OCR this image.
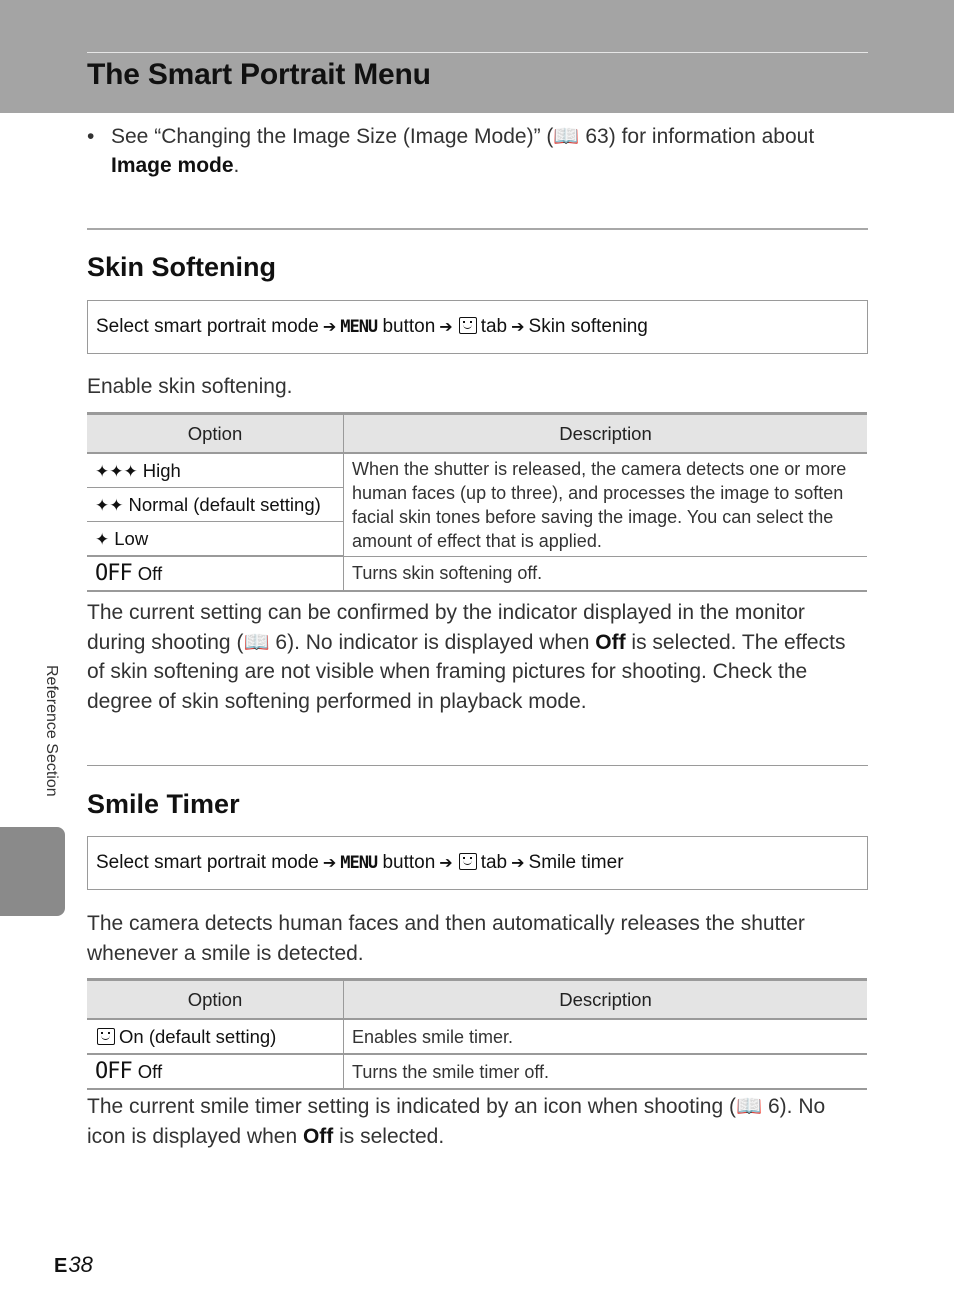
The Smart Portrait Menu
• See “Changing the Image Size (Image Mode)” (📖 63) for information about Image mode.
Skin Softening
Select smart portrait mode ➔ MENU button ➔ tab ➔ Skin softening
Enable skin softening.
Option	Description
✦✦✦ High	When the shutter is released, the camera detects one or more human faces (up to three), and processes the image to soften facial skin tones before saving the image. You can select the amount of effect that is applied.
✦✦ Normal (default setting)	
✦ Low	
OFF Off	Turns skin softening off.
The current setting can be confirmed by the indicator displayed in the monitor during shooting (📖 6). No indicator is displayed when Off is selected. The effects of skin softening are not visible when framing pictures for shooting. Check the degree of skin softening performed in playback mode.
Smile Timer
Select smart portrait mode ➔ MENU button ➔ tab ➔ Smile timer
The camera detects human faces and then automatically releases the shutter whenever a smile is detected.
Option	Description
On (default setting)	Enables smile timer.
OFF Off	Turns the smile timer off.
The current smile timer setting is indicated by an icon when shooting (📖 6). No icon is displayed when Off is selected.
Reference Section
E38
